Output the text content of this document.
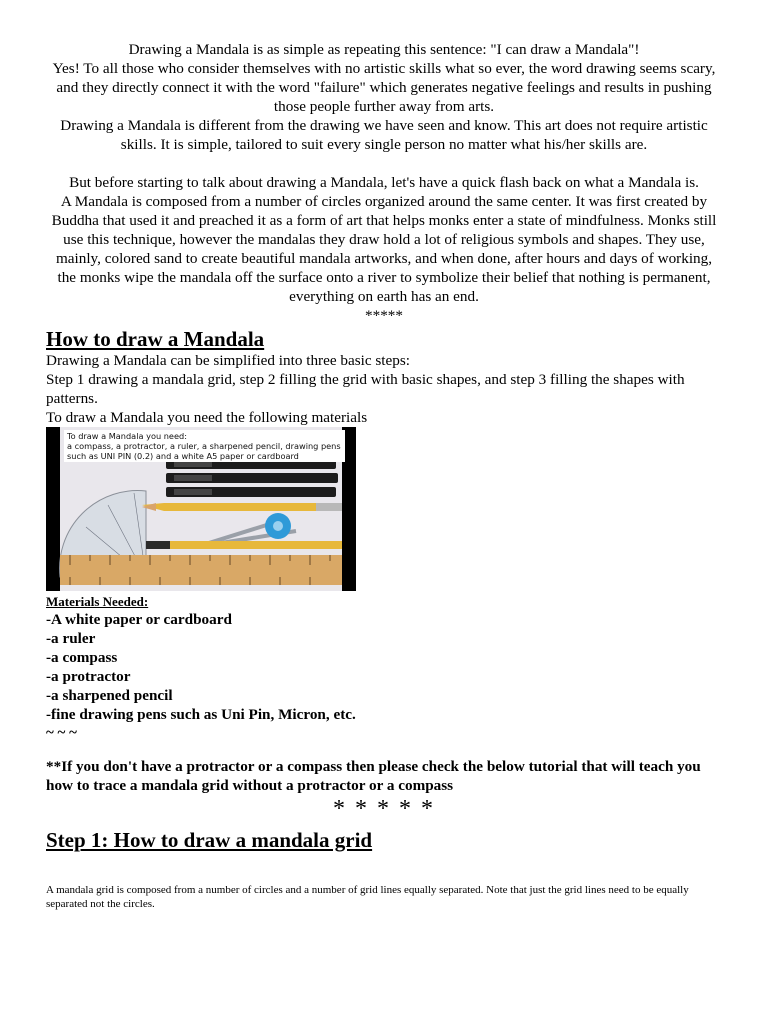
Drawing a Mandala is as simple as repeating this sentence: "I can draw a Mandala"!

Yes! To all those who consider themselves with no artistic skills what so ever, the word drawing seems scary, and they directly connect it with the word "failure" which generates negative feelings and results in pushing those people further away from arts.

Drawing a Mandala is different from the drawing we have seen and know. This art does not require artistic skills. It is simple, tailored to suit every single person no matter what his/her skills are.

But before starting to talk about drawing a Mandala, let's have a quick flash back on what a Mandala is.

A Mandala is composed from a number of circles organized around the same center. It was first created by Buddha that used it and preached it as a form of art that helps monks enter a state of mindfulness. Monks still use this technique, however the mandalas they draw hold a lot of religious symbols and shapes. They use, mainly, colored sand to create beautiful mandala artworks, and when done, after hours and days of working, the monks wipe the mandala off the surface onto a river to symbolize their belief that nothing is permanent, everything on earth has an end.

*****

How to draw a Mandala

Drawing a Mandala can be simplified into three basic steps:

Step 1 drawing a mandala grid, step 2 filling the grid with basic shapes, and step 3 filling the shapes with patterns.

To draw a Mandala you need the following materials

To draw a Mandala you need:
a compass, a protractor, a ruler, a sharpened pencil, drawing pens
such as UNI PIN (0.2) and a white A5 paper or cardboard
Materials Needed:
-A white paper or cardboard
-a ruler
-a compass
-a protractor
-a sharpened pencil
-fine drawing pens such as Uni Pin, Micron, etc.
~ ~ ~

**If you don't have a protractor or a compass then please check the below tutorial that will teach you how to trace a mandala grid without a protractor or a compass

* * * * *
Step 1: How to draw a mandala grid

A mandala grid is composed from a number of circles and a number of grid lines equally separated. Note that just the grid lines need to be equally separated not the circles.
